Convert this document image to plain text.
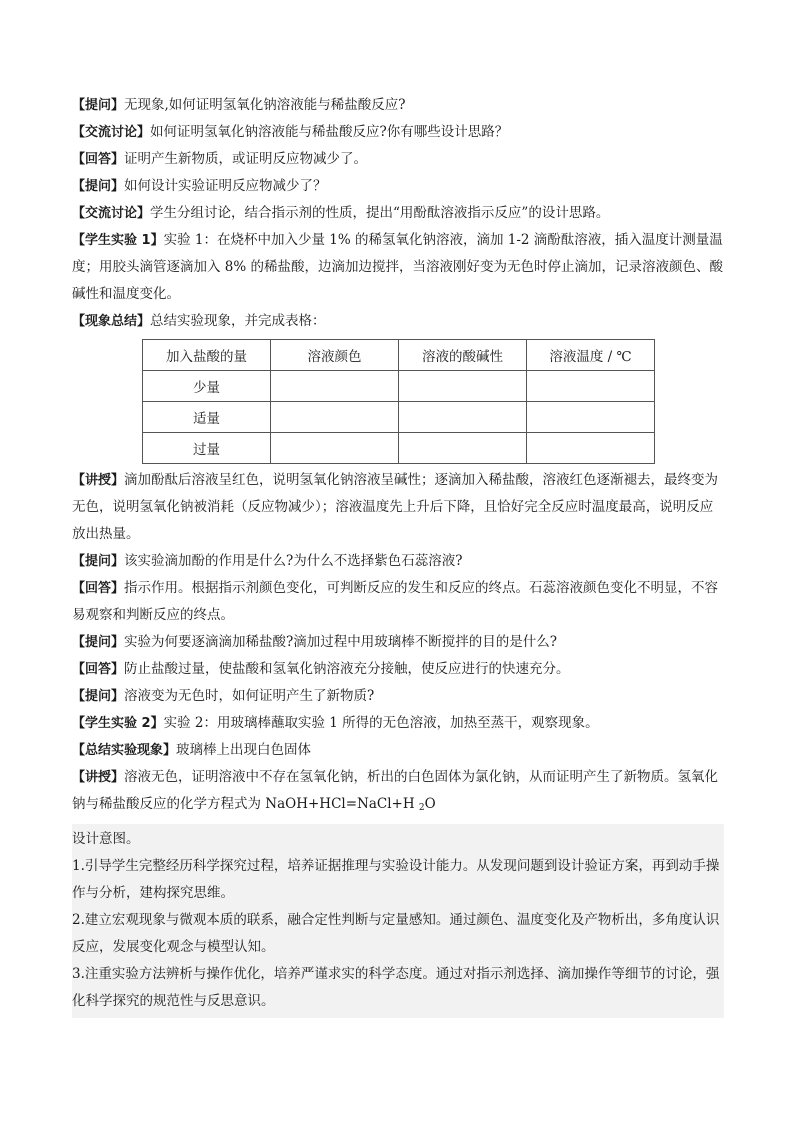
【提问】无现象,如何证明氢氧化钠溶液能与稀盐酸反应?

【交流讨论】如何证明氢氧化钠溶液能与稀盐酸反应?你有哪些设计思路？

【回答】证明产生新物质，或证明反应物减少了。

【提问】如何设计实验证明反应物减少了？

【交流讨论】学生分组讨论，结合指示剂的性质，提出“用酚酞溶液指示反应”的设计思路。

【学生实验 1】实验 1：在烧杯中加入少量 1% 的稀氢氧化钠溶液，滴加 1-2 滴酚酞溶液，插入温度计测量温度；用胶头滴管逐滴加入 8% 的稀盐酸，边滴加边搅拌，当溶液刚好变为无色时停止滴加，记录溶液颜色、酸碱性和温度变化。

【现象总结】总结实验现象，并完成表格：

加入盐酸的量	溶液颜色	溶液的酸碱性	溶液温度 / ℃
少量			
适量			
过量			

【讲授】滴加酚酞后溶液呈红色，说明氢氧化钠溶液呈碱性；逐滴加入稀盐酸，溶液红色逐渐褪去，最终变为无色，说明氢氧化钠被消耗（反应物减少）；溶液温度先上升后下降，且恰好完全反应时温度最高，说明反应放出热量。

【提问】该实验滴加酚的作用是什么?为什么不选择紫色石蕊溶液?

【回答】指示作用。根据指示剂颜色变化，可判断反应的发生和反应的终点。石蕊溶液颜色变化不明显，不容易观察和判断反应的终点。

【提问】实验为何要逐滴滴加稀盐酸?滴加过程中用玻璃棒不断搅拌的目的是什么?

【回答】防止盐酸过量，使盐酸和氢氧化钠溶液充分接触，使反应进行的快速充分。

【提问】溶液变为无色时，如何证明产生了新物质?

【学生实验 2】实验 2：用玻璃棒蘸取实验 1 所得的无色溶液，加热至蒸干，观察现象。

【总结实验现象】玻璃棒上出现白色固体

【讲授】溶液无色，证明溶液中不存在氢氧化钠，析出的白色固体为氯化钠，从而证明产生了新物质。氢氧化钠与稀盐酸反应的化学方程式为 NaOH+HCl=NaCl+H $_2$O

设计意图。

1.引导学生完整经历科学探究过程，培养证据推理与实验设计能力。从发现问题到设计验证方案，再到动手操作与分析，建构探究思维。

2.建立宏观现象与微观本质的联系，融合定性判断与定量感知。通过颜色、温度变化及产物析出，多角度认识反应，发展变化观念与模型认知。

3.注重实验方法辨析与操作优化，培养严谨求实的科学态度。通过对指示剂选择、滴加操作等细节的讨论，强化科学探究的规范性与反思意识。
